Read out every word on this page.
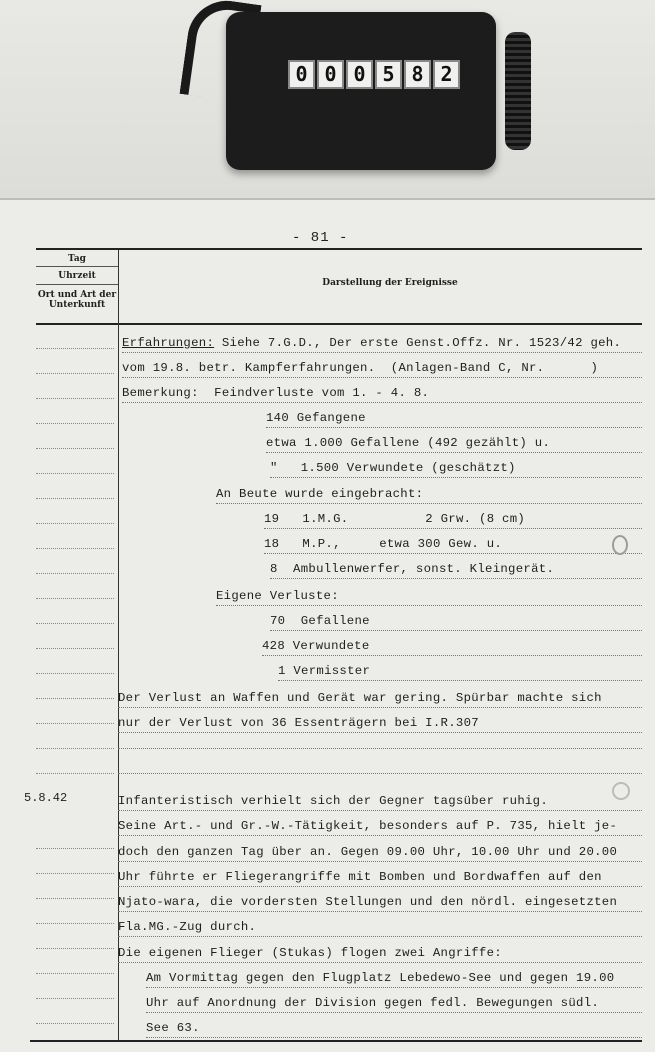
0 0 0 5 8 2
- 81 -
Tag
Uhrzeit
Ort und Art der Unterkunft
Darstellung der Ereignisse
Erfahrungen: Siehe 7.G.D., Der erste Genst.Offz. Nr. 1523/42 geh.
vom 19.8. betr. Kampferfahrungen.  (Anlagen-Band C, Nr.      )
Bemerkung:  Feindverluste vom 1. - 4. 8.
140 Gefangene
etwa 1.000 Gefallene (492 gezählt) u.
"   1.500 Verwundete (geschätzt)
An Beute wurde eingebracht:
19   1.M.G.          2 Grw. (8 cm)
18   M.P.,     etwa 300 Gew. u.
8  Ambullenwerfer, sonst. Kleingerät.
Eigene Verluste:
70  Gefallene
428 Verwundete
1 Vermisster
Der Verlust an Waffen und Gerät war gering. Spürbar machte sich
nur der Verlust von 36 Essenträgern bei I.R.307
5.8.42	Infanteristisch verhielt sich der Gegner tagsüber ruhig.
Seine Art.- und Gr.-W.-Tätigkeit, besonders auf P. 735, hielt je-
doch den ganzen Tag über an. Gegen 09.00 Uhr, 10.00 Uhr und 20.00
Uhr führte er Fliegerangriffe mit Bomben und Bordwaffen auf den
Njato-wara, die vordersten Stellungen und den nördl. eingesetzten
Fla.MG.-Zug durch.
Die eigenen Flieger (Stukas) flogen zwei Angriffe:
Am Vormittag gegen den Flugplatz Lebedewo-See und gegen 19.00
Uhr auf Anordnung der Division gegen fedl. Bewegungen südl.
See 63.
